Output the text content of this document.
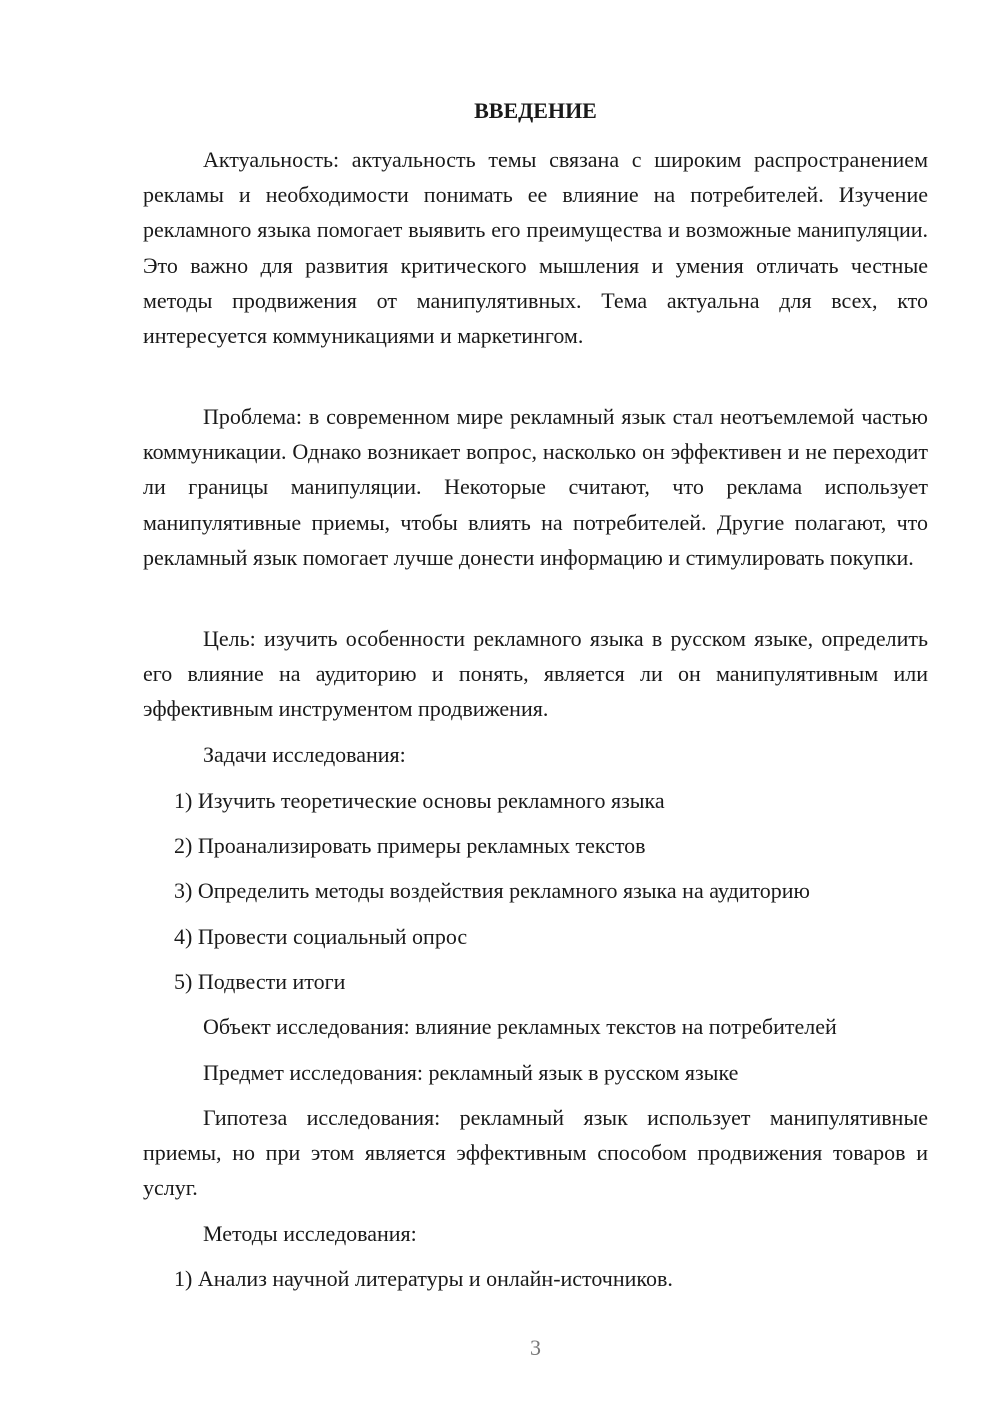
ВВЕДЕНИЕ

Актуальность: актуальность темы связана с широким распространением рекламы и необходимости понимать ее влияние на потребителей. Изучение рекламного языка помогает выявить его преимущества и возможные манипуляции. Это важно для развития критического мышления и умения отличать честные методы продвижения от манипулятивных. Тема актуальна для всех, кто интересуется коммуникациями и маркетингом.

Проблема: в современном мире рекламный язык стал неотъемлемой частью коммуникации. Однако возникает вопрос, насколько он эффективен и не переходит ли границы манипуляции. Некоторые считают, что реклама использует манипулятивные приемы, чтобы влиять на потребителей. Другие полагают, что рекламный язык помогает лучше донести информацию и стимулировать покупки.

Цель: изучить особенности рекламного языка в русском языке, определить его влияние на аудиторию и понять, является ли он манипулятивным или эффективным инструментом продвижения.

Задачи исследования:

1) Изучить теоретические основы рекламного языка

2) Проанализировать примеры рекламных текстов

3) Определить методы воздействия рекламного языка на аудиторию

4) Провести социальный опрос

5) Подвести итоги

Объект исследования: влияние рекламных текстов на потребителей

Предмет исследования: рекламный язык в русском языке

Гипотеза исследования: рекламный язык использует манипулятивные приемы, но при этом является эффективным способом продвижения товаров и услуг.

Методы исследования:

1) Анализ научной литературы и онлайн-источников.

3
